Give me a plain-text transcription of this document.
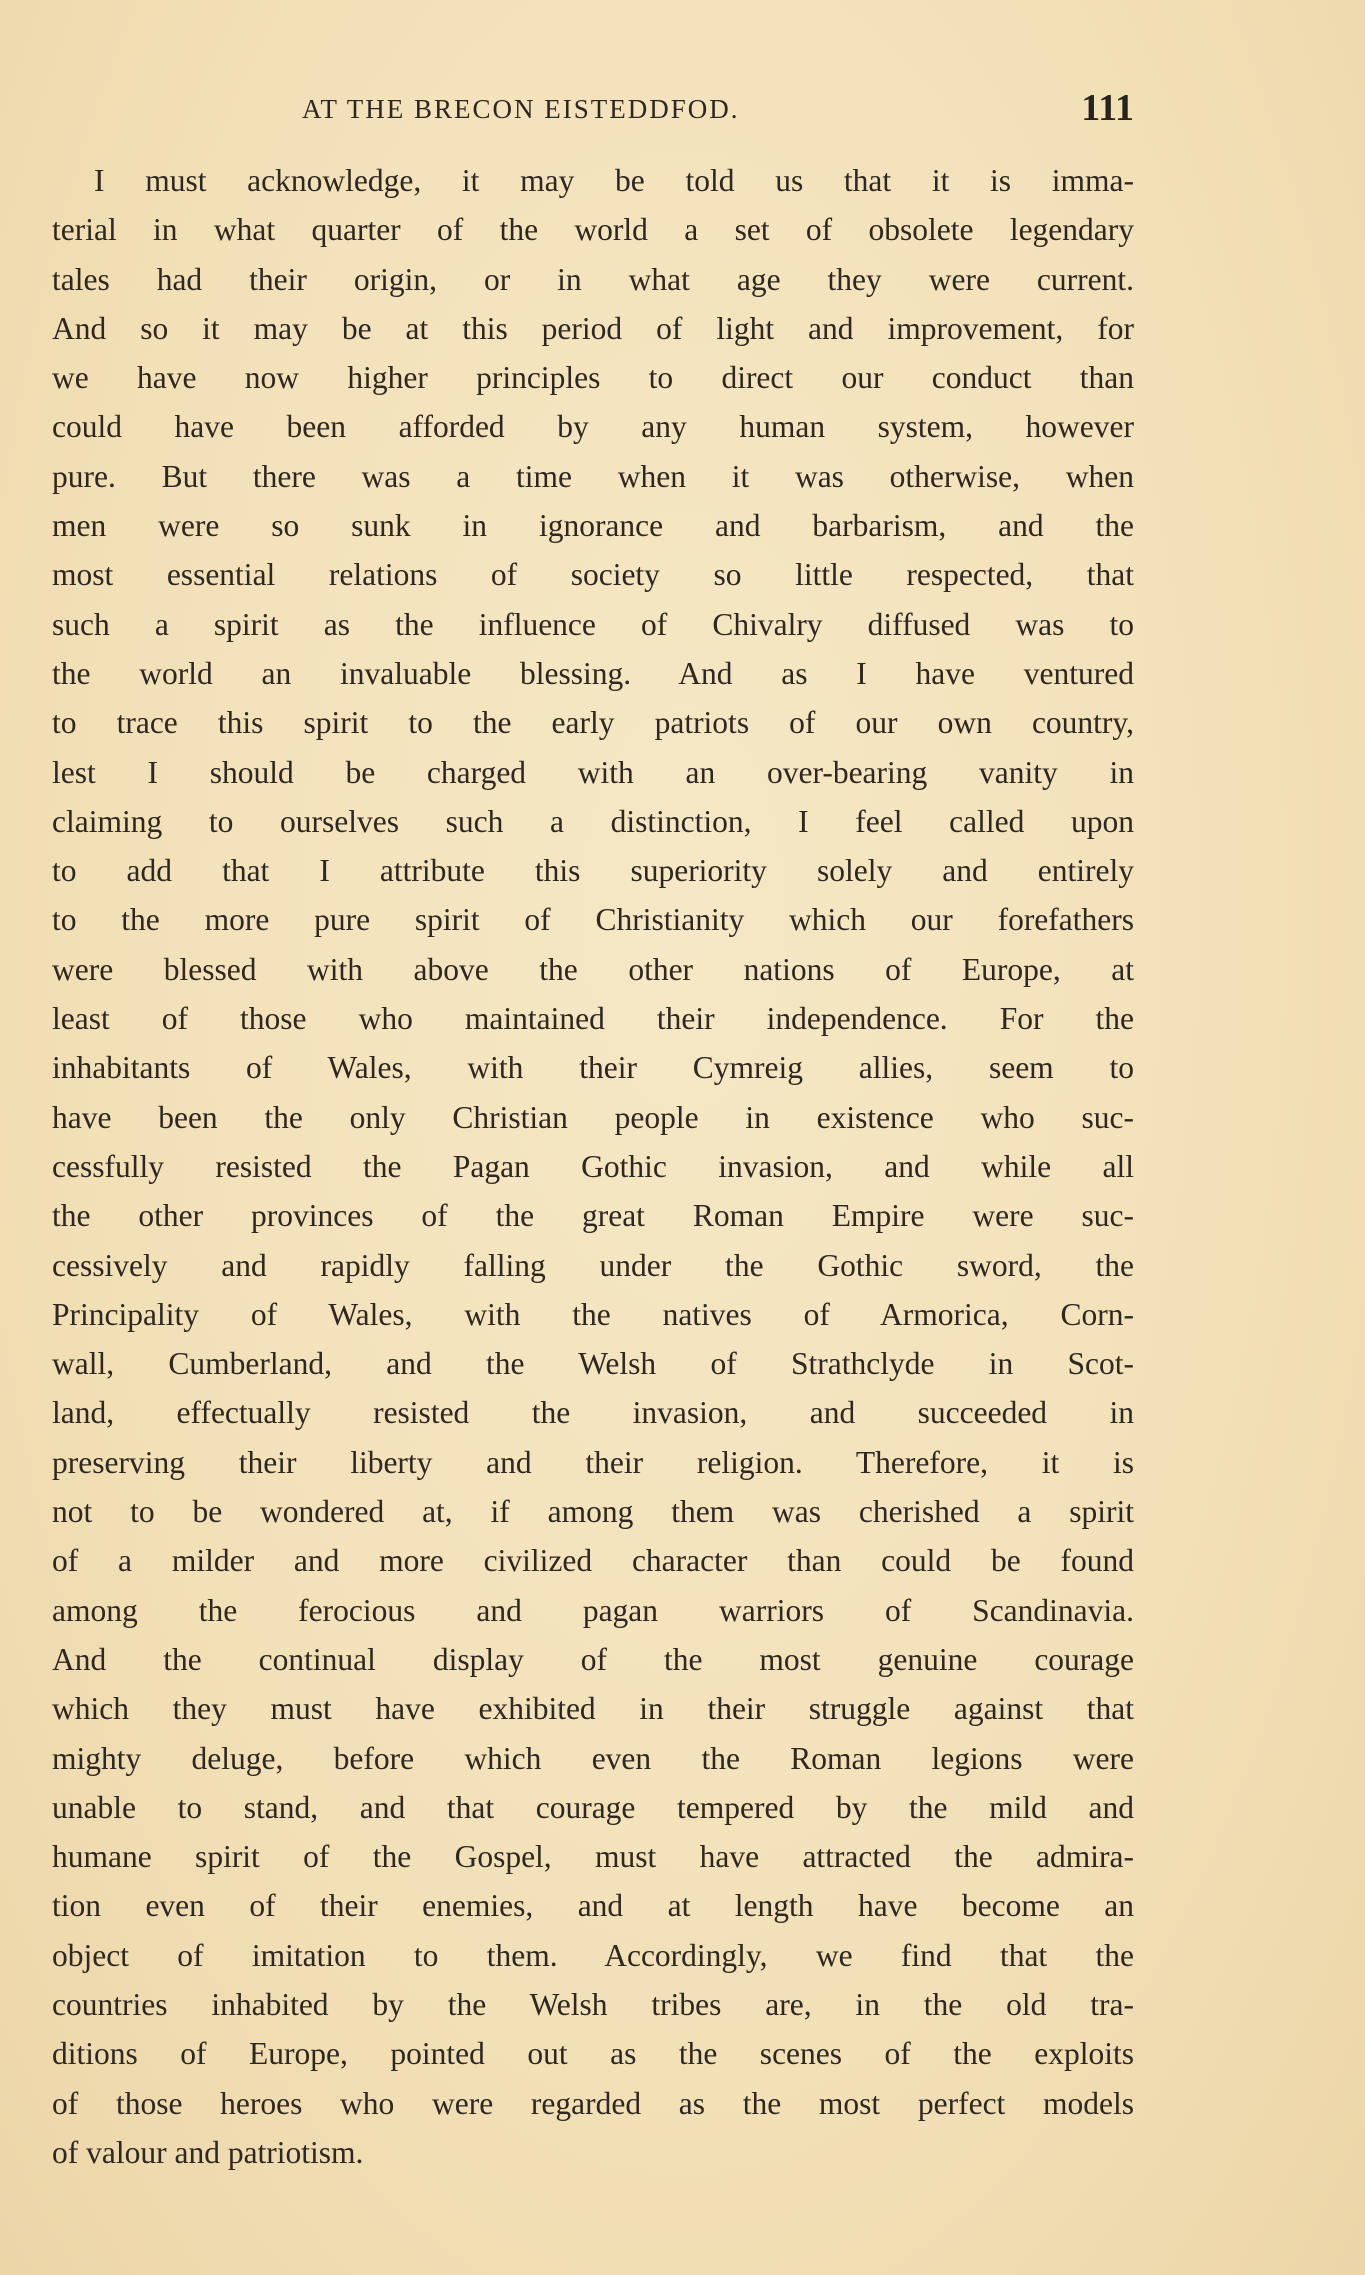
AT THE BRECON EISTEDDFOD.	111
I must acknowledge, it may be told us that it is imma-
terial in what quarter of the world a set of obsolete legendary
tales had their origin, or in what age they were current.
And so it may be at this period of light and improvement, for
we have now higher principles to direct our conduct than
could have been afforded by any human system, however
pure. But there was a time when it was otherwise, when
men were so sunk in ignorance and barbarism, and the
most essential relations of society so little respected, that
such a spirit as the influence of Chivalry diffused was to
the world an invaluable blessing. And as I have ventured
to trace this spirit to the early patriots of our own country,
lest I should be charged with an over-bearing vanity in
claiming to ourselves such a distinction, I feel called upon
to add that I attribute this superiority solely and entirely
to the more pure spirit of Christianity which our forefathers
were blessed with above the other nations of Europe, at
least of those who maintained their independence. For the
inhabitants of Wales, with their Cymreig allies, seem to
have been the only Christian people in existence who suc-
cessfully resisted the Pagan Gothic invasion, and while all
the other provinces of the great Roman Empire were suc-
cessively and rapidly falling under the Gothic sword, the
Principality of Wales, with the natives of Armorica, Corn-
wall, Cumberland, and the Welsh of Strathclyde in Scot-
land, effectually resisted the invasion, and succeeded in
preserving their liberty and their religion. Therefore, it is
not to be wondered at, if among them was cherished a spirit
of a milder and more civilized character than could be found
among the ferocious and pagan warriors of Scandinavia.
And the continual display of the most genuine courage
which they must have exhibited in their struggle against that
mighty deluge, before which even the Roman legions were
unable to stand, and that courage tempered by the mild and
humane spirit of the Gospel, must have attracted the admira-
tion even of their enemies, and at length have become an
object of imitation to them. Accordingly, we find that the
countries inhabited by the Welsh tribes are, in the old tra-
ditions of Europe, pointed out as the scenes of the exploits
of those heroes who were regarded as the most perfect models
of valour and patriotism.
